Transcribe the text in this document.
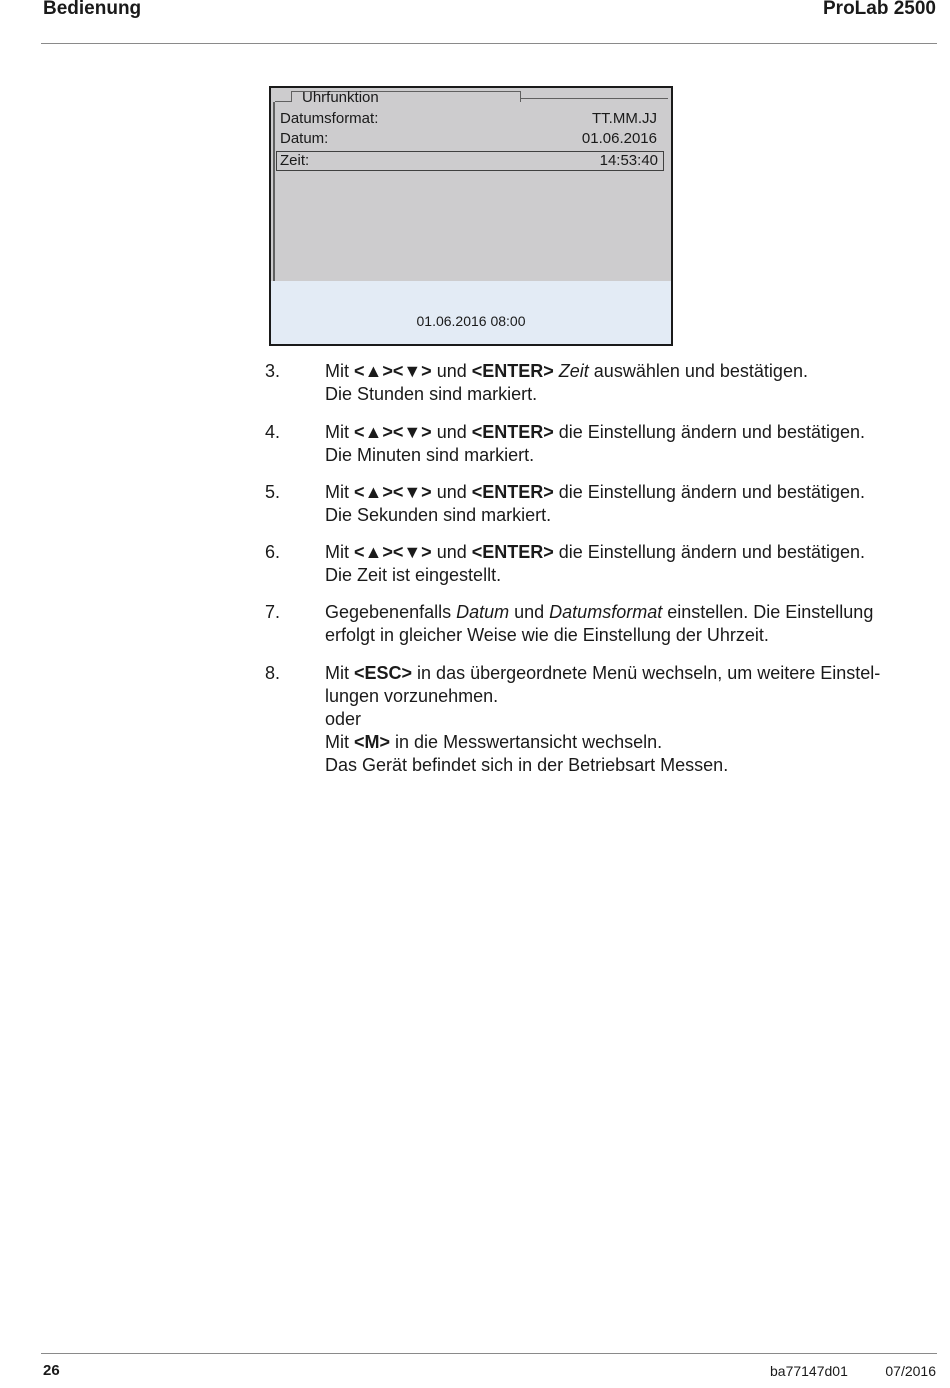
Bedienung	ProLab 2500
Uhrfunktion
Datumsformat:	TT.MM.JJ
Datum:	01.06.2016
Zeit:	14:53:40
01.06.2016 08:00
3. Mit <▲><▼> und <ENTER> Zeit auswählen und bestätigen.
Die Stunden sind markiert.
4. Mit <▲><▼> und <ENTER> die Einstellung ändern und bestätigen.
Die Minuten sind markiert.
5. Mit <▲><▼> und <ENTER> die Einstellung ändern und bestätigen.
Die Sekunden sind markiert.
6. Mit <▲><▼> und <ENTER> die Einstellung ändern und bestätigen.
Die Zeit ist eingestellt.
7. Gegebenenfalls Datum und Datumsformat einstellen. Die Einstellung
erfolgt in gleicher Weise wie die Einstellung der Uhrzeit.
8. Mit <ESC> in das übergeordnete Menü wechseln, um weitere Einstel-
lungen vorzunehmen.
oder
Mit <M> in die Messwertansicht wechseln.
Das Gerät befindet sich in der Betriebsart Messen.
26	ba77147d01	07/2016
